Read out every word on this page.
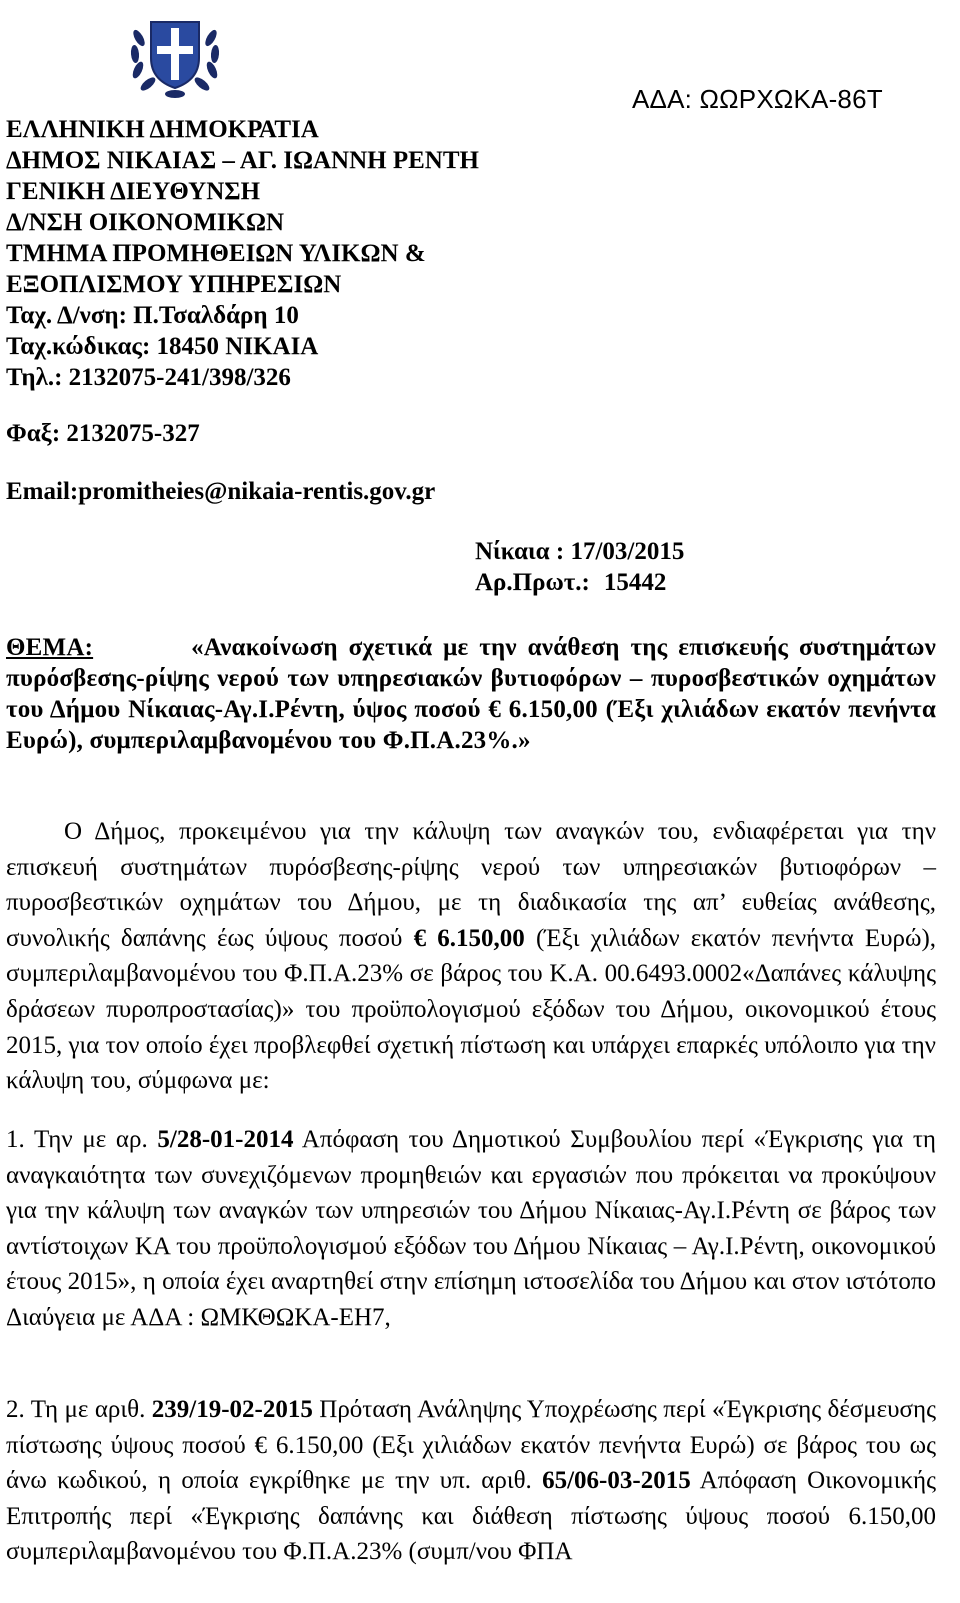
ΑΔΑ: ΩΩΡΧΩΚΑ-86Τ
ΕΛΛΗΝΙΚΗ ΔΗΜΟΚΡΑΤΙΑ
ΔΗΜΟΣ ΝΙΚΑΙΑΣ – ΑΓ. ΙΩΑΝΝΗ ΡΕΝΤΗ
ΓΕΝΙΚΗ ΔΙΕΥΘΥΝΣΗ
Δ/ΝΣΗ ΟΙΚΟΝΟΜΙΚΩΝ
ΤΜΗΜΑ ΠΡΟΜΗΘΕΙΩΝ ΥΛΙΚΩΝ &
ΕΞΟΠΛΙΣΜΟΥ ΥΠΗΡΕΣΙΩΝ
Ταχ. Δ/νση: Π.Τσαλδάρη 10
Ταχ.κώδικας: 18450 ΝΙΚΑΙΑ
Τηλ.: 2132075-241/398/326
Φαξ: 2132075-327
Email:promitheies@nikaia-rentis.gov.gr
Νίκαια : 17/03/2015
Αρ.Πρωτ.: 15442
ΘΕΜΑ:	«Ανακοίνωση σχετικά με την ανάθεση της επισκευής συστημάτων πυρόσβεσης-ρίψης νερού των υπηρεσιακών βυτιοφόρων – πυροσβεστικών οχημάτων του Δήμου Νίκαιας-Αγ.Ι.Ρέντη, ύψος ποσού € 6.150,00 (Έξι χιλιάδων εκατόν πενήντα Ευρώ), συμπεριλαμβανομένου του Φ.Π.Α.23%.»
Ο Δήμος, προκειμένου για την κάλυψη των αναγκών του, ενδιαφέρεται για την επισκευή συστημάτων πυρόσβεσης-ρίψης νερού των υπηρεσιακών βυτιοφόρων – πυροσβεστικών οχημάτων του Δήμου, με τη διαδικασία της απ’ ευθείας ανάθεσης, συνολικής δαπάνης έως ύψους ποσού € 6.150,00 (Έξι χιλιάδων εκατόν πενήντα Ευρώ), συμπεριλαμβανομένου του Φ.Π.Α.23% σε βάρος του Κ.Α. 00.6493.0002«Δαπάνες κάλυψης δράσεων πυροπροστασίας)» του προϋπολογισμού εξόδων του Δήμου, οικονομικού έτους 2015, για τον οποίο έχει προβλεφθεί σχετική πίστωση και υπάρχει επαρκές υπόλοιπο για την κάλυψη του, σύμφωνα με:
1. Την με αρ. 5/28-01-2014 Απόφαση του Δημοτικού Συμβουλίου περί «Έγκρισης για τη αναγκαιότητα των συνεχιζόμενων προμηθειών και εργασιών που πρόκειται να προκύψουν για την κάλυψη των αναγκών των υπηρεσιών του Δήμου Νίκαιας-Αγ.Ι.Ρέντη σε βάρος των αντίστοιχων ΚΑ του προϋπολογισμού εξόδων του Δήμου Νίκαιας – Αγ.Ι.Ρέντη, οικονομικού έτους 2015», η οποία έχει αναρτηθεί στην επίσημη ιστοσελίδα του Δήμου και στον ιστότοπο Διαύγεια με ΑΔΑ : ΩΜΚΘΩΚΑ-ΕΗ7,
2. Τη με αριθ. 239/19-02-2015 Πρόταση Ανάληψης Υποχρέωσης περί «Έγκρισης δέσμευσης πίστωσης ύψους ποσού € 6.150,00 (Εξι χιλιάδων εκατόν πενήντα Ευρώ) σε βάρος του ως άνω κωδικού, η οποία εγκρίθηκε με την υπ. αριθ. 65/06-03-2015 Απόφαση Οικονομικής Επιτροπής περί «Έγκρισης δαπάνης και διάθεση πίστωσης ύψους ποσού 6.150,00 συμπεριλαμβανομένου του Φ.Π.Α.23% (συμπ/νου ΦΠΑ
